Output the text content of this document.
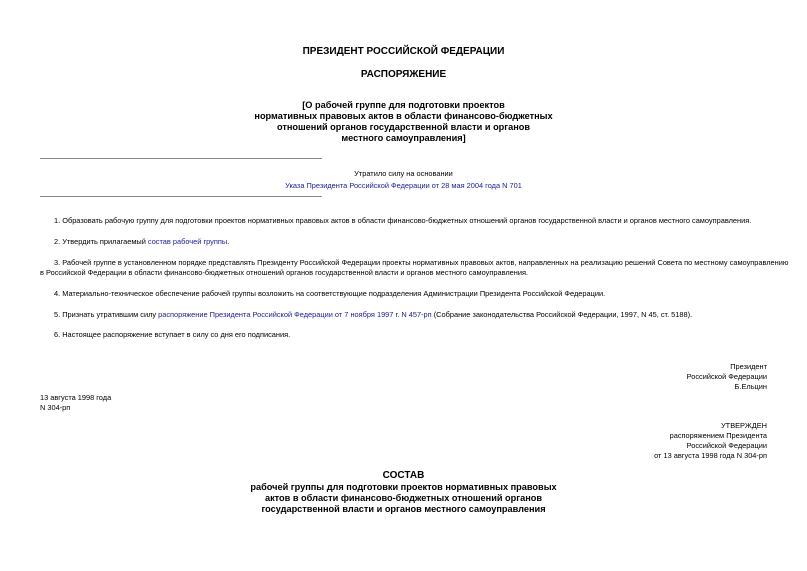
ПРЕЗИДЕНТ РОССИЙСКОЙ ФЕДЕРАЦИИ
РАСПОРЯЖЕНИЕ
[О рабочей группе для подготовки проектов
нормативных правовых актов в области финансово-бюджетных
отношений органов государственной власти и органов
местного самоуправления]
Утратило силу на основании
Указа Президента Российской Федерации от 28 мая 2004 года N 701
1. Образовать рабочую группу для подготовки проектов нормативных правовых актов в области финансово-бюджетных отношений органов государственной власти и органов местного самоуправления.
2. Утвердить прилагаемый состав рабочей группы.
3. Рабочей группе в установленном порядке представлять Президенту Российской Федерации проекты нормативных правовых актов, направленных на реализацию решений Совета по местному самоуправлению
в Российской Федерации в области финансово-бюджетных отношений органов государственной власти и органов местного самоуправления.
4. Материально-техническое обеспечение рабочей группы возложить на соответствующие подразделения Администрации Президента Российской Федерации.
5. Признать утратившим силу распоряжение Президента Российской Федерации от 7 ноября 1997 г. N 457-рп (Собрание законодательства Российской Федерации, 1997, N 45, ст. 5188).
6. Настоящее распоряжение вступает в силу со дня его подписания.
Президент
Российской Федерации
Б.Ельцин
13 августа 1998 года
N 304-рп
УТВЕРЖДЕН
распоряжением Президента
Российской Федерации
от 13 августа 1998 года N 304-рп
СОСТАВ
рабочей группы для подготовки проектов нормативных правовых
актов в области финансово-бюджетных отношений органов
государственной власти и органов местного самоуправления
